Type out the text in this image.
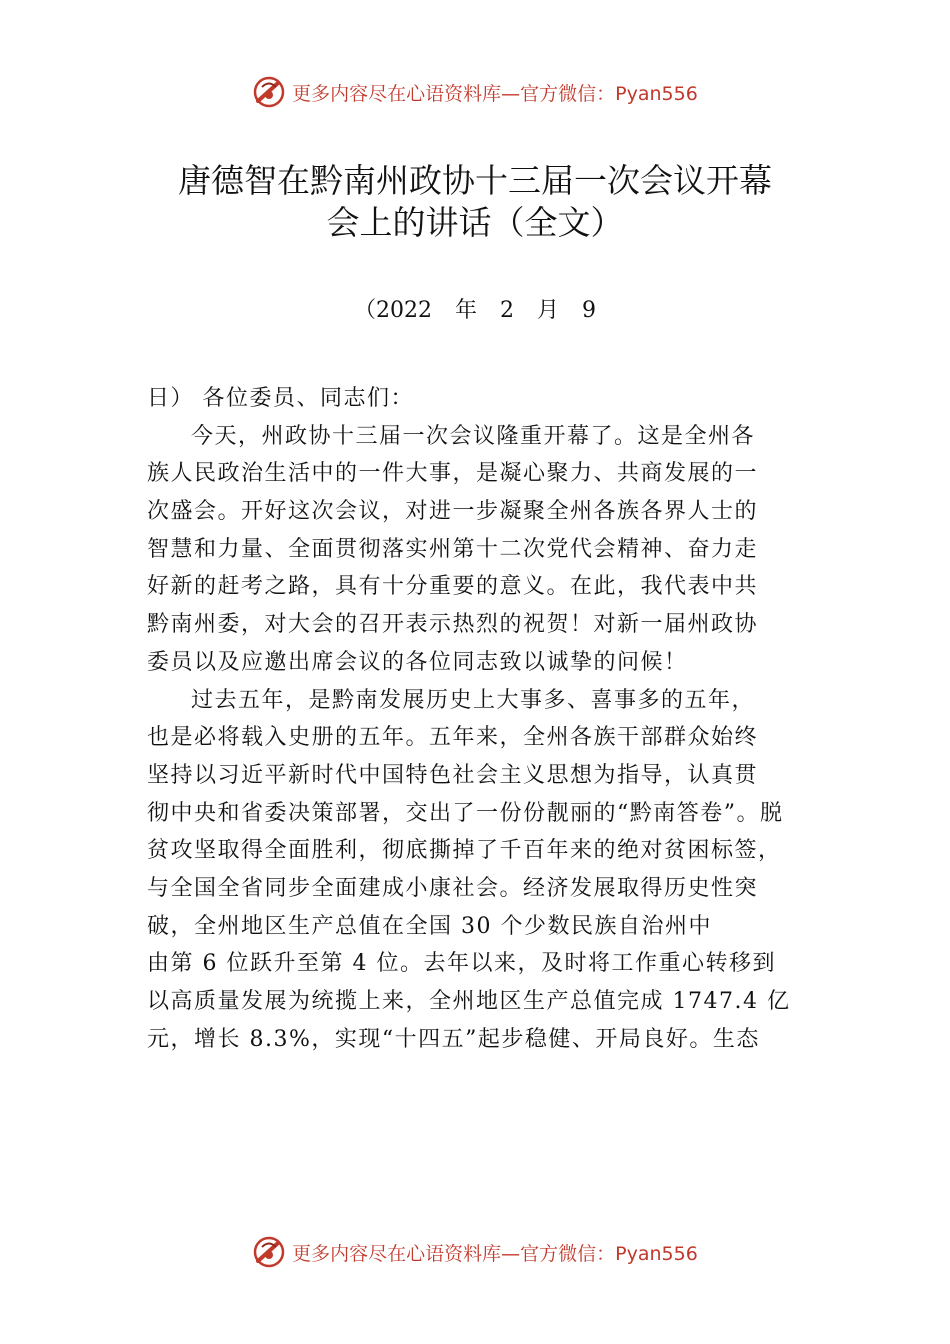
更多内容尽在心语资料库—官方微信：Pyan556
唐德智在黔南州政协十三届一次会议开幕
会上的讲话（全文）
（2022 年 2 月 9
日） 各位委员、同志们：

今天，州政协十三届一次会议隆重开幕了。这是全州各
族人民政治生活中的一件大事，是凝心聚力、共商发展的一
次盛会。开好这次会议，对进一步凝聚全州各族各界人士的
智慧和力量、全面贯彻落实州第十二次党代会精神、奋力走
好新的赶考之路，具有十分重要的意义。在此，我代表中共
黔南州委，对大会的召开表示热烈的祝贺！对新一届州政协
委员以及应邀出席会议的各位同志致以诚挚的问候！

过去五年，是黔南发展历史上大事多、喜事多的五年，
也是必将载入史册的五年。五年来，全州各族干部群众始终
坚持以习近平新时代中国特色社会主义思想为指导，认真贯
彻中央和省委决策部署，交出了一份份靓丽的“黔南答卷”。脱
贫攻坚取得全面胜利，彻底撕掉了千百年来的绝对贫困标签，
与全国全省同步全面建成小康社会。经济发展取得历史性突
破，全州地区生产总值在全国 30 个少数民族自治州中
由第 6 位跃升至第 4 位。去年以来，及时将工作重心转移到
以高质量发展为统揽上来，全州地区生产总值完成 1747.4 亿
元，增长 8.3%，实现“十四五”起步稳健、开局良好。生态

更多内容尽在心语资料库—官方微信：Pyan556
